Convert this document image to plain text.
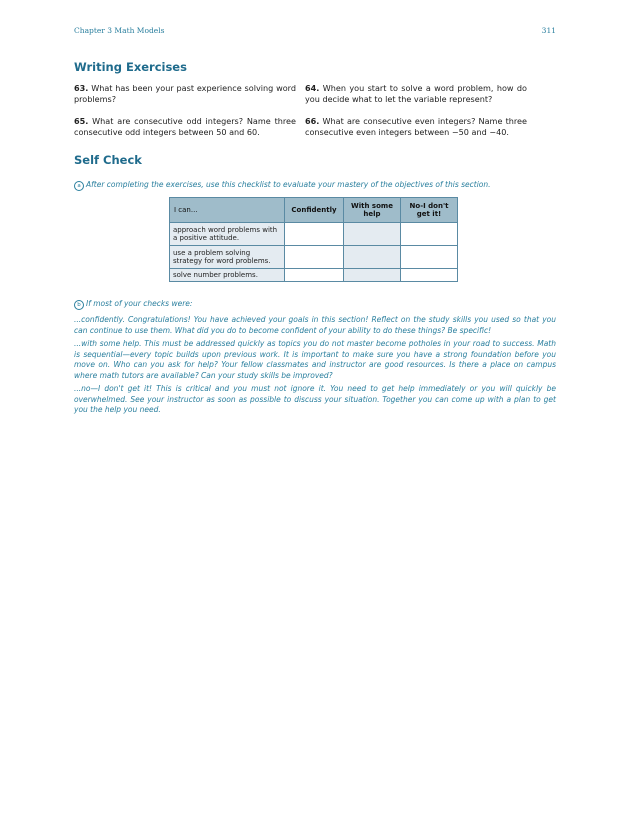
Chapter 3 Math Models	311
Writing Exercises
63. What has been your past experience solving word problems?
64. When you start to solve a word problem, how do you decide what to let the variable represent?
65. What are consecutive odd integers? Name three consecutive odd integers between 50 and 60.
66. What are consecutive even integers? Name three consecutive even integers between −50 and −40.
Self Check
a After completing the exercises, use this checklist to evaluate your mastery of the objectives of this section.
I can...	Confidently	With some help	No-I don't get it!
approach word problems with a positive attitude.			
use a problem solving strategy for word problems.			
solve number problems.			
b If most of your checks were:
...confidently. Congratulations! You have achieved your goals in this section! Reflect on the study skills you used so that you can continue to use them. What did you do to become confident of your ability to do these things? Be specific!
...with some help. This must be addressed quickly as topics you do not master become potholes in your road to success. Math is sequential—every topic builds upon previous work. It is important to make sure you have a strong foundation before you move on. Who can you ask for help? Your fellow classmates and instructor are good resources. Is there a place on campus where math tutors are available? Can your study skills be improved?
...no—I don't get it! This is critical and you must not ignore it. You need to get help immediately or you will quickly be overwhelmed. See your instructor as soon as possible to discuss your situation. Together you can come up with a plan to get you the help you need.
